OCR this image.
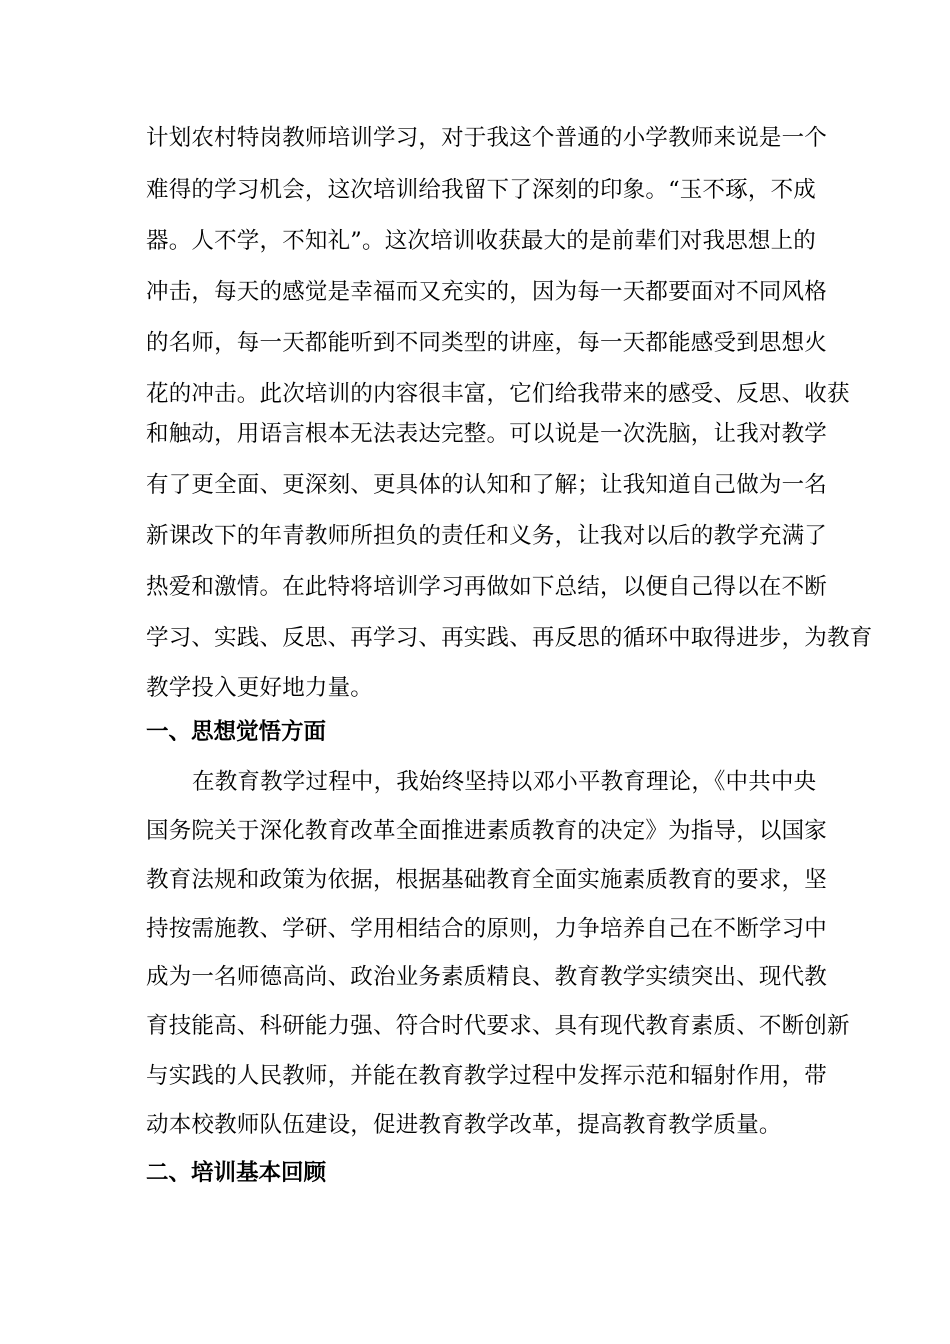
计划农村特岗教师培训学习，对于我这个普通的小学教师来说是一个
难得的学习机会，这次培训给我留下了深刻的印象。“玉不琢，不成
器。人不学，不知礼”。这次培训收获最大的是前辈们对我思想上的
冲击，每天的感觉是幸福而又充实的，因为每一天都要面对不同风格
的名师，每一天都能听到不同类型的讲座，每一天都能感受到思想火
花的冲击。此次培训的内容很丰富，它们给我带来的感受、反思、收获
和触动，用语言根本无法表达完整。可以说是一次洗脑，让我对教学
有了更全面、更深刻、更具体的认知和了解；让我知道自己做为一名
新课改下的年青教师所担负的责任和义务，让我对以后的教学充满了
热爱和激情。在此特将培训学习再做如下总结，以便自己得以在不断
学习、实践、反思、再学习、再实践、再反思的循环中取得进步，为教育
教学投入更好地力量。
一、思想觉悟方面
在教育教学过程中，我始终坚持以邓小平教育理论，《中共中央
国务院关于深化教育改革全面推进素质教育的决定》为指导，以国家
教育法规和政策为依据，根据基础教育全面实施素质教育的要求，坚
持按需施教、学研、学用相结合的原则，力争培养自己在不断学习中
成为一名师德高尚、政治业务素质精良、教育教学实绩突出、现代教
育技能高、科研能力强、符合时代要求、具有现代教育素质、不断创新
与实践的人民教师，并能在教育教学过程中发挥示范和辐射作用，带
动本校教师队伍建设，促进教育教学改革，提高教育教学质量。
二、培训基本回顾
